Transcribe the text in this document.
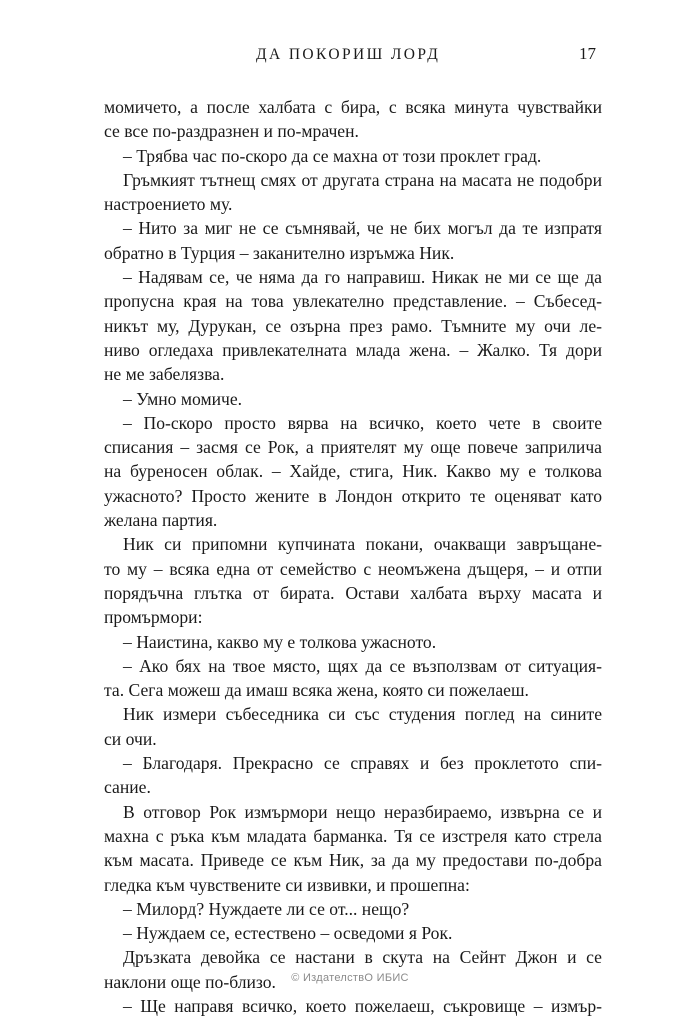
ДА ПОКОРИШ ЛОРД	17
момичето, а после халбата с бира, с всяка минута чувствайки
се все по-раздразнен и по-мрачен.
– Трябва час по-скоро да се махна от този проклет град.
Гръмкият тътнещ смях от другата страна на масата не подобри
настроението му.
– Нито за миг не се съмнявай, че не бих могъл да те изпратя
обратно в Турция – заканително изръмжа Ник.
– Надявам се, че няма да го направиш. Никак не ми се ще да
пропусна края на това увлекателно представление. – Събесед-
никът му, Дурукан, се озърна през рамо. Тъмните му очи ле-
ниво огледаха привлекателната млада жена. – Жалко. Тя дори
не ме забелязва.
– Умно момиче.
– По-скоро просто вярва на всичко, което чете в своите
списания – засмя се Рок, а приятелят му още повече заприлича
на буреносен облак. – Хайде, стига, Ник. Какво му е толкова
ужасното? Просто жените в Лондон открито те оценяват като
желана партия.
Ник си припомни купчината покани, очакващи завръщане-
то му – всяка една от семейство с неомъжена дъщеря, – и отпи
порядъчна глътка от бирата. Остави халбата върху масата и
промърмори:
– Наистина, какво му е толкова ужасното.
– Ако бях на твое място, щях да се възползвам от ситуация-
та. Сега можеш да имаш всяка жена, която си пожелаеш.
Ник измери събеседника си със студения поглед на сините
си очи.
– Благодаря. Прекрасно се справях и без проклетото спи-
сание.
В отговор Рок измърмори нещо неразбираемо, извърна се и
махна с ръка към младата барманка. Тя се изстреля като стрела
към масата. Приведе се към Ник, за да му предостави по-добра
гледка към чувствените си извивки, и прошепна:
– Милорд? Нуждаете ли се от... нещо?
– Нуждаем се, естествено – осведоми я Рок.
Дръзката девойка се настани в скута на Сейнт Джон и се
наклони още по-близо.
– Ще направя всичко, което пожелаеш, съкровище – измър-
© ИздателствО ИБИС
